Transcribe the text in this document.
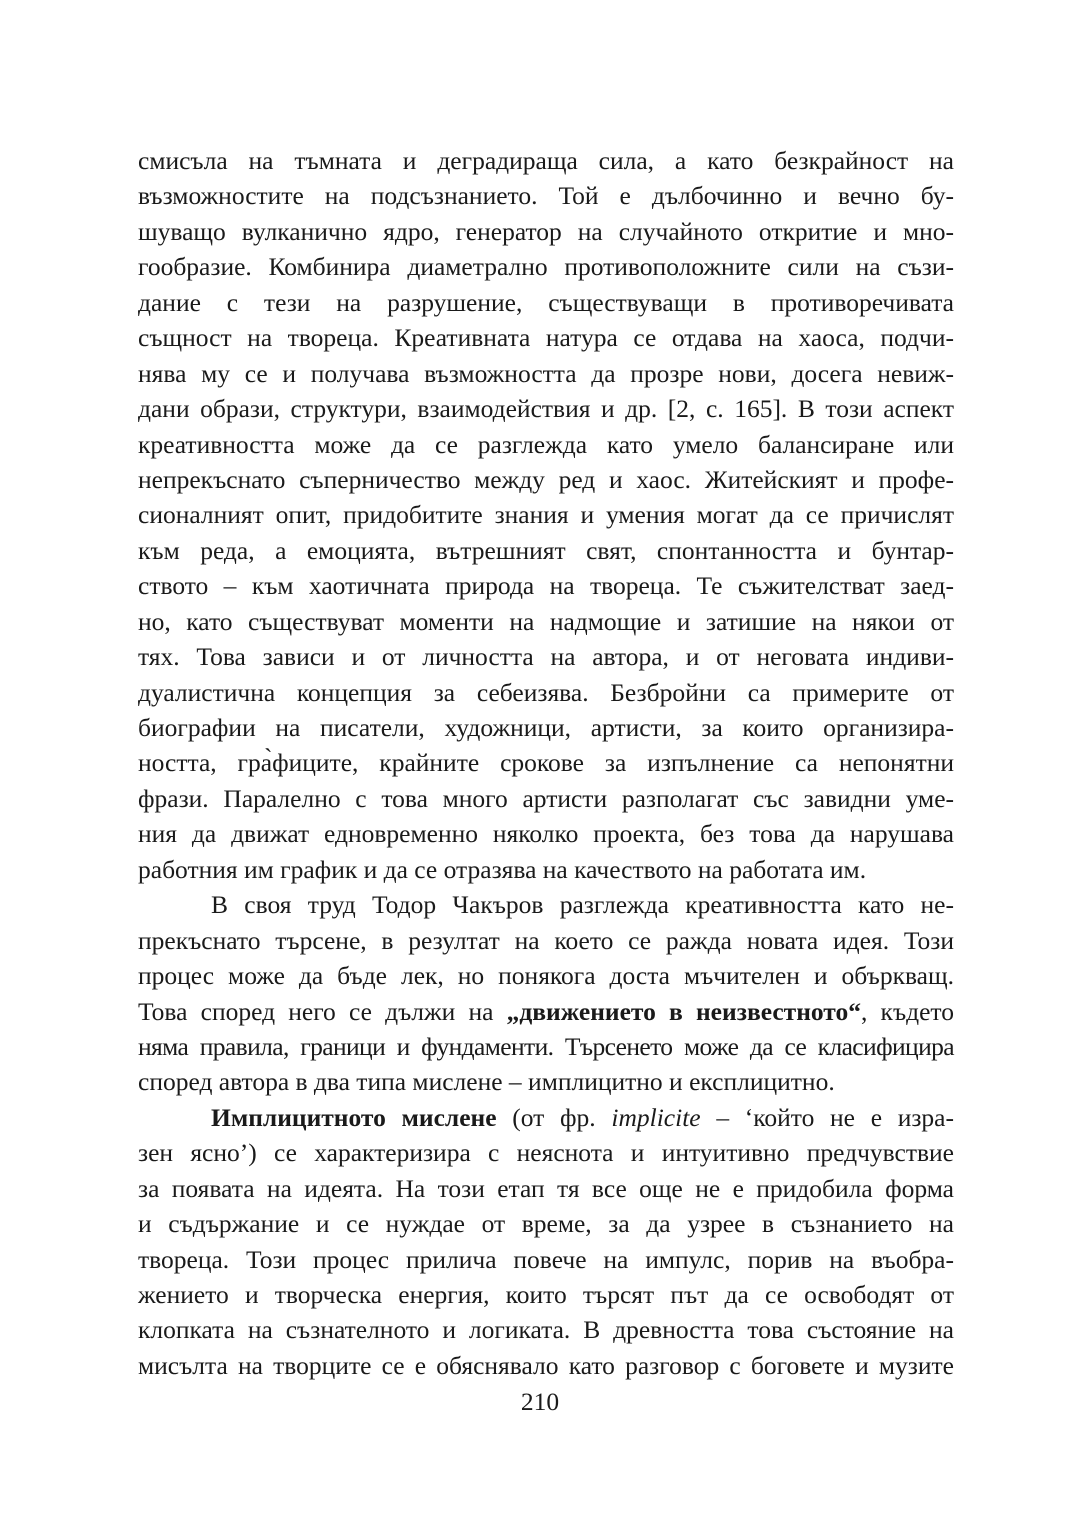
смисъла на тъмната и деградираща сила, а като безкрайност на
възможностите на подсъзнанието. Той е дълбочинно и вечно бу-
шуващо вулканично ядро, генератор на случайното откритие и мно-
гообразие. Комбинира диаметрално противоположните сили на съзи-
дание с тези на разрушение, съществуващи в противоречивата
същност на твореца. Креативната натура се отдава на хаоса, подчи-
нява му се и получава възможността да прозре нови, досега невиж-
дани образи, структури, взаимодействия и др. [2, с. 165]. В този аспект
креативността може да се разглежда като умело балансиране или
непрекъснато съперничество между ред и хаос. Житейският и профе-
сионалният опит, придобитите знания и умения могат да се причислят
към реда, а емоцията, вътрешният свят, спонтанността и бунтар-
ството – към хаотичната природа на твореца. Те съжителстват заед-
но, като съществуват моменти на надмощие и затишие на някои от
тях. Това зависи и от личността на автора, и от неговата индиви-
дуалистична концепция за себеизява. Безбройни са примерите от
биографии на писатели, художници, артисти, за които организира-
ността, гра̀фиците, крайните срокове за изпълнение са непонятни
фрази. Паралелно с това много артисти разполагат със завидни уме-
ния да движат едновременно няколко проекта, без това да нарушава
работния им график и да се отразява на качеството на работата им.
В своя труд Тодор Чакъров разглежда креативността като не-
прекъснато търсене, в резултат на което се ражда новата идея. Този
процес може да бъде лек, но понякога доста мъчителен и объркващ.
Това според него се дължи на „движението в неизвестното“, където
няма правила, граници и фундаменти. Търсенето може да се класифицира
според автора в два типа мислене – имплицитно и експлицитно.
Имплицитното мислене (от фр. implicite – ‘който не е изра-
зен ясно’) се характеризира с неяснота и интуитивно предчувствие
за появата на идеята. На този етап тя все още не е придобила форма
и съдържание и се нуждае от време, за да узрее в съзнанието на
твореца. Този процес прилича повече на импулс, порив на въобра-
жението и творческа енергия, които търсят път да се освободят от
клопката на съзнателното и логиката. В древността това състояние на
мисълта на творците се е обяснявало като разговор с боговете и музите
210
